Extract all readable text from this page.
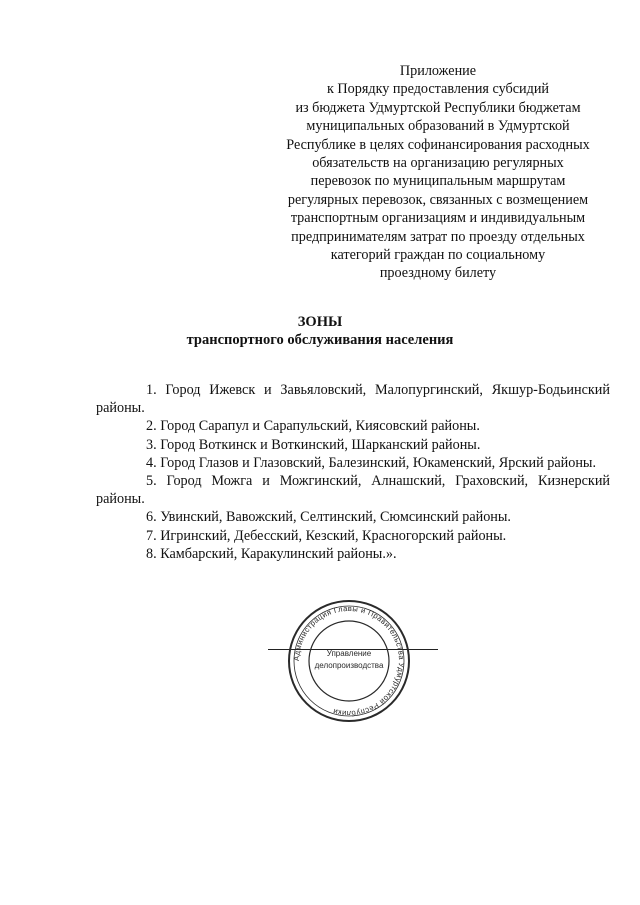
Приложение
к Порядку предоставления субсидий
из бюджета Удмуртской Республики бюджетам
муниципальных образований в Удмуртской
Республике в целях софинансирования расходных
обязательств на организацию регулярных
перевозок по муниципальным маршрутам
регулярных перевозок, связанных с возмещением
транспортным организациям и индивидуальным
предпринимателям затрат по проезду отдельных
категорий граждан по социальному
проездному билету
ЗОНЫ
транспортного обслуживания населения

1. Город Ижевск и Завьяловский, Малопургинский, Якшур-Бодьинский районы.

2. Город Сарапул и Сарапульский, Киясовский районы.

3. Город Воткинск и Воткинский, Шарканский районы.

4. Город Глазов и Глазовский, Балезинский, Юкаменский, Ярский районы.

5. Город Можга и Можгинский, Алнашский, Граховский, Кизнерский районы.

6. Увинский, Вавожский, Селтинский, Сюмсинский районы.

7. Игринский, Дебесский, Кезский, Красногорский районы.

8. Камбарский, Каракулинский районы.».

Администрация Главы и Правительства Удмуртской Республики
Управление
делопроизводства
